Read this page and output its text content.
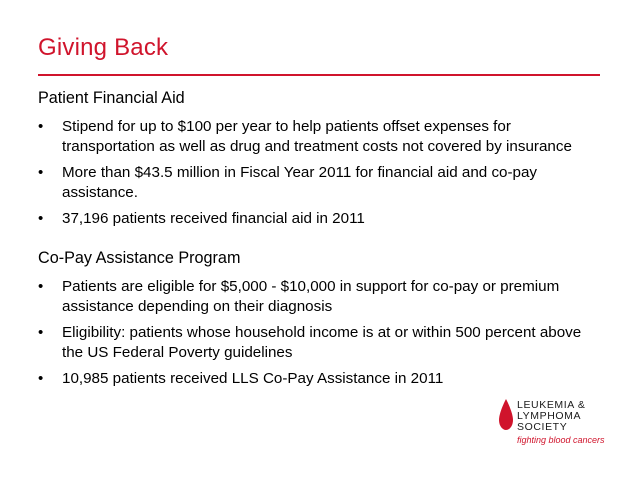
Giving Back
Patient Financial Aid
• Stipend for up to $100 per year to help patients offset expenses for transportation as well as drug and treatment costs not covered by insurance
• More than $43.5 million in Fiscal Year 2011 for financial aid and co-pay assistance.
• 37,196 patients received financial aid in 2011
Co-Pay Assistance Program
• Patients are eligible for $5,000 - $10,000 in support for co-pay or premium assistance depending on their diagnosis
• Eligibility: patients whose household income is at or within 500 percent above the US Federal Poverty guidelines
• 10,985 patients received LLS Co-Pay Assistance in 2011
LEUKEMIA &
LYMPHOMA
SOCIETY
fighting blood cancers
